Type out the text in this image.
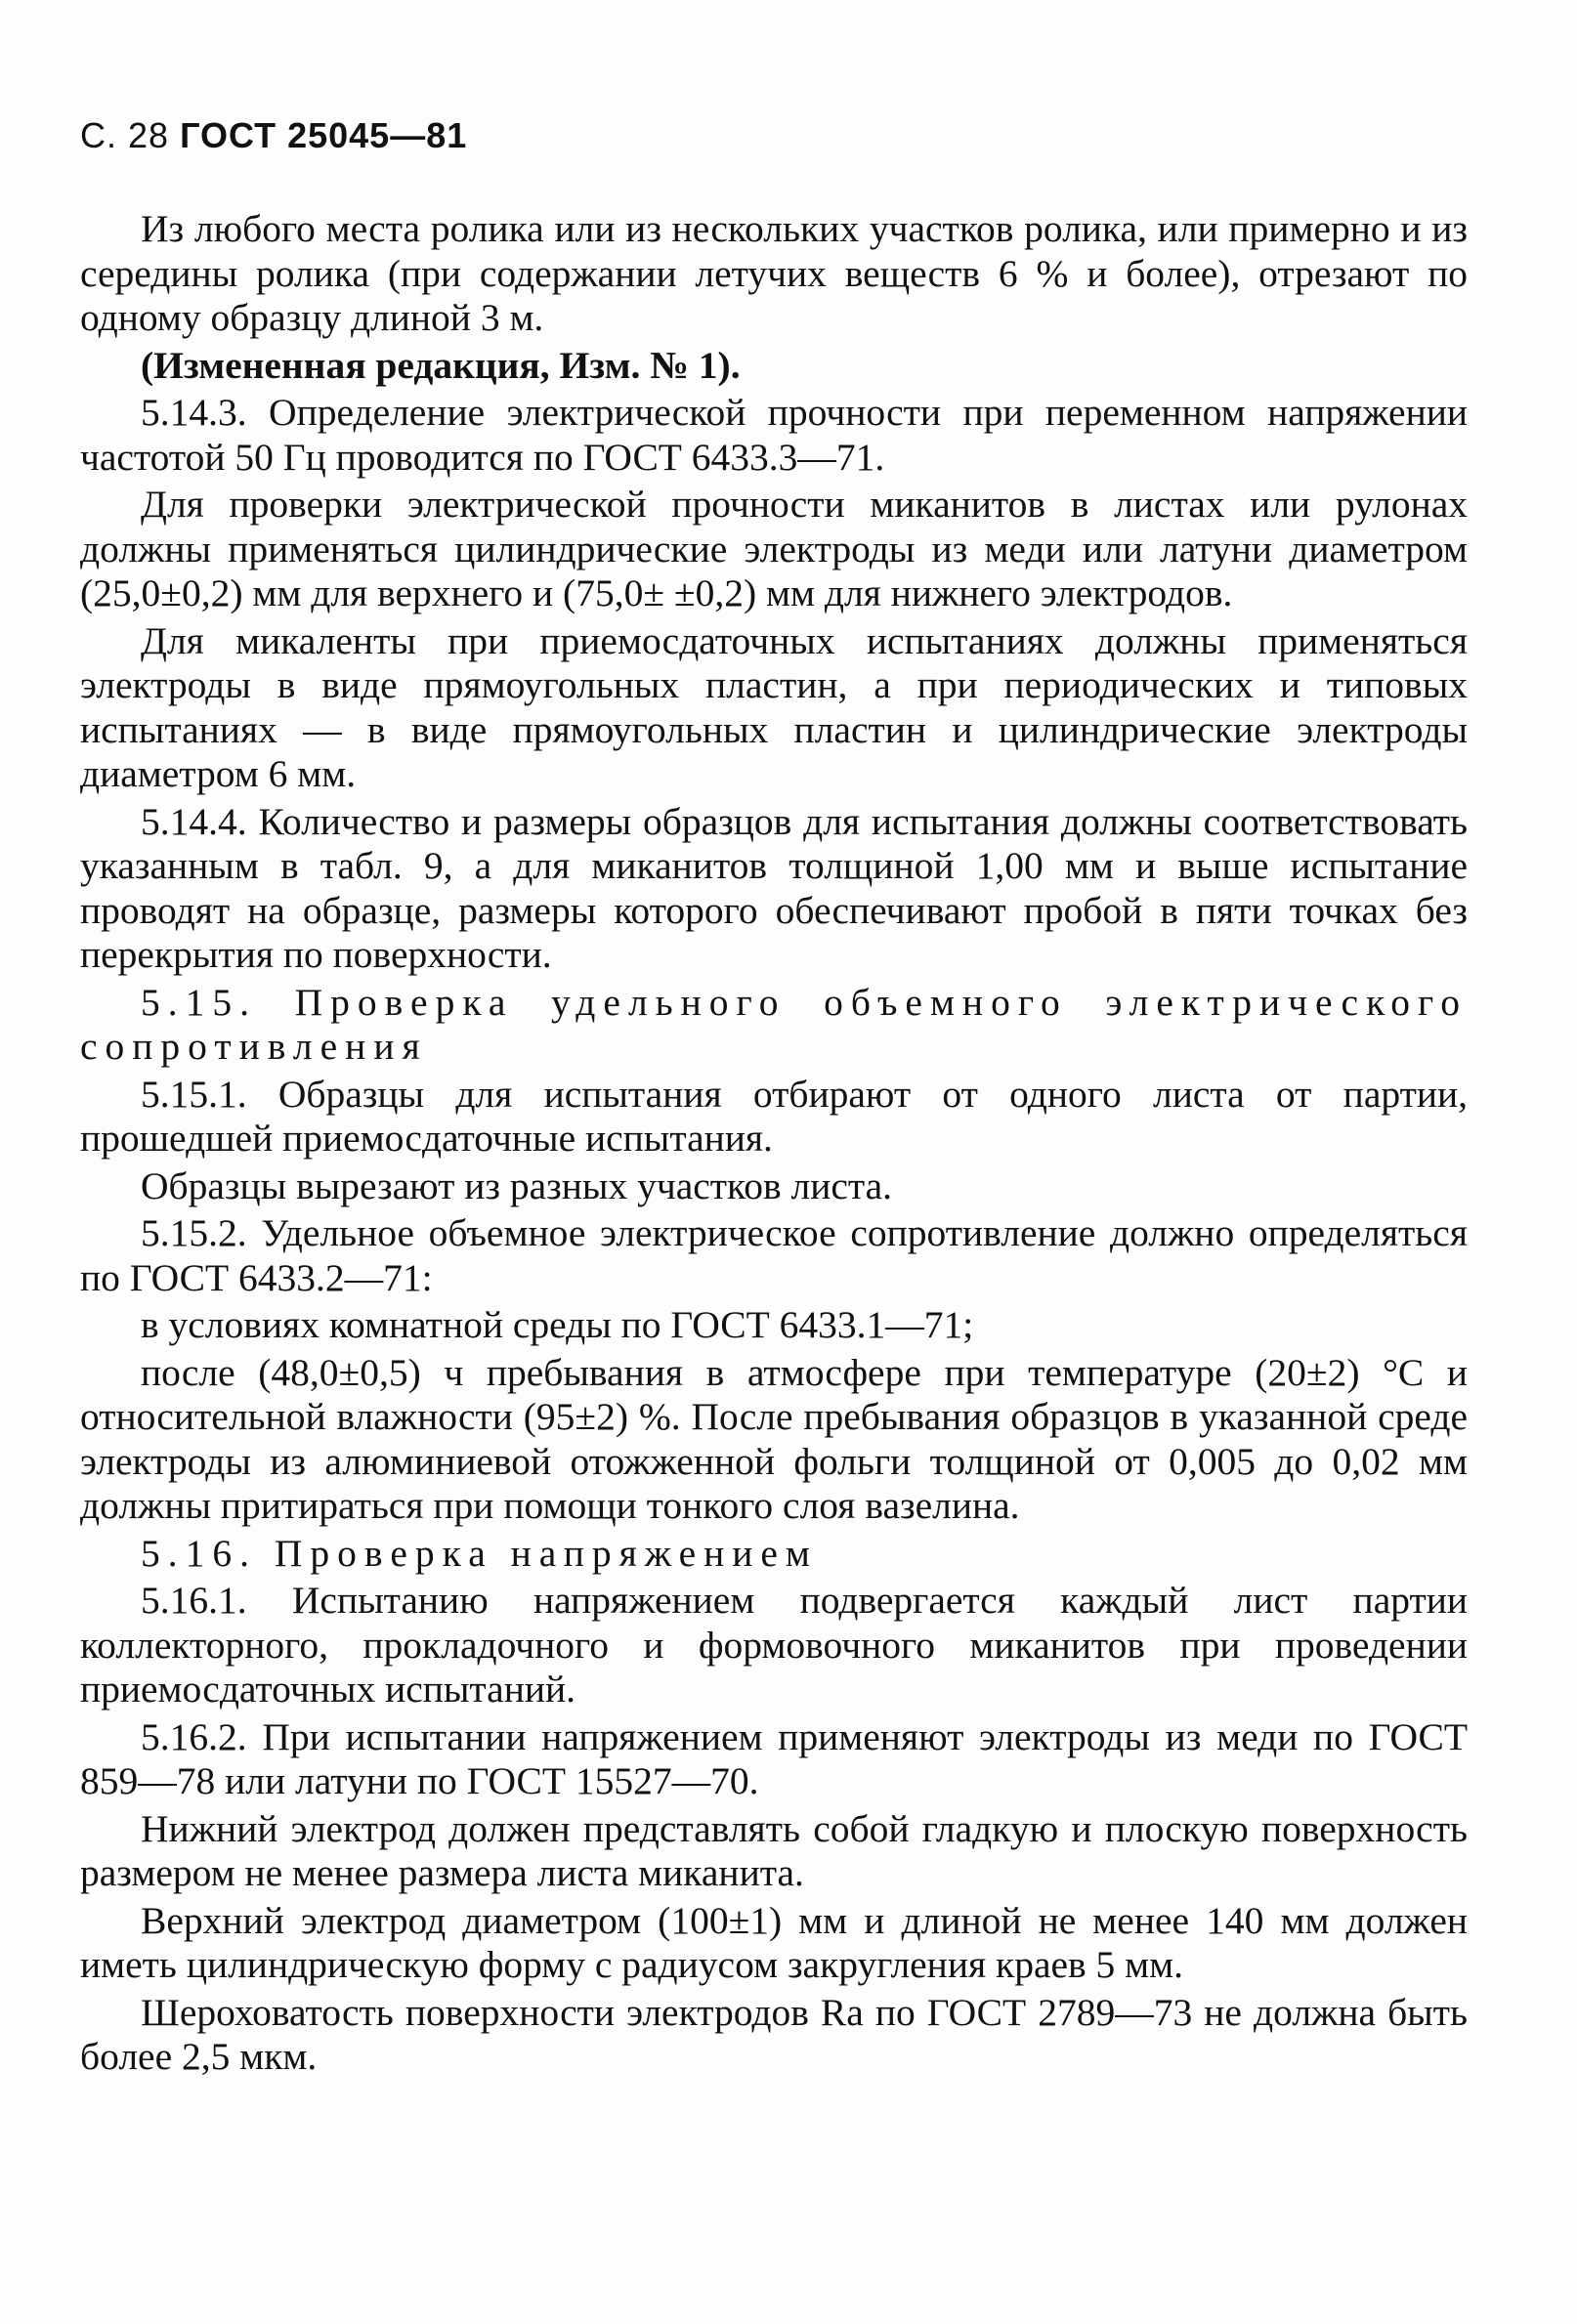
С. 28 ГОСТ 25045—81

Из любого места ролика или из нескольких участков ролика, или примерно и из середины ролика (при содержании летучих веществ 6 % и более), отрезают по одному образцу длиной 3 м.

(Измененная редакция, Изм. № 1).

5.14.3. Определение электрической прочности при переменном напряжении частотой 50 Гц проводится по ГОСТ 6433.3—71.

Для проверки электрической прочности миканитов в листах или рулонах должны применяться цилиндрические электроды из меди или латуни диаметром (25,0±0,2) мм для верхнего и (75,0± ±0,2) мм для нижнего электродов.

Для микаленты при приемосдаточных испытаниях должны применяться электроды в виде прямоугольных пластин, а при периодических и типовых испытаниях — в виде прямоугольных пластин и цилиндрические электроды диаметром 6 мм.

5.14.4. Количество и размеры образцов для испытания должны соответствовать указанным в табл. 9, а для миканитов толщиной 1,00 мм и выше испытание проводят на образце, размеры которого обеспечивают пробой в пяти точках без перекрытия по поверхности.

5.15. Проверка удельного объемного электрического сопротивления

5.15.1. Образцы для испытания отбирают от одного листа от партии, прошедшей приемосдаточные испытания.

Образцы вырезают из разных участков листа.

5.15.2. Удельное объемное электрическое сопротивление должно определяться по ГОСТ 6433.2—71:

в условиях комнатной среды по ГОСТ 6433.1—71;

после (48,0±0,5) ч пребывания в атмосфере при температуре (20±2) °С и относительной влажности (95±2) %. После пребывания образцов в указанной среде электроды из алюминиевой отожженной фольги толщиной от 0,005 до 0,02 мм должны притираться при помощи тонкого слоя вазелина.

5.16. Проверка напряжением

5.16.1. Испытанию напряжением подвергается каждый лист партии коллекторного, прокладочного и формовочного миканитов при проведении приемосдаточных испытаний.

5.16.2. При испытании напряжением применяют электроды из меди по ГОСТ 859—78 или латуни по ГОСТ 15527—70.

Нижний электрод должен представлять собой гладкую и плоскую поверхность размером не менее размера листа миканита.

Верхний электрод диаметром (100±1) мм и длиной не менее 140 мм должен иметь цилиндрическую форму с радиусом закругления краев 5 мм.

Шероховатость поверхности электродов Rа по ГОСТ 2789—73 не должна быть более 2,5 мкм.
